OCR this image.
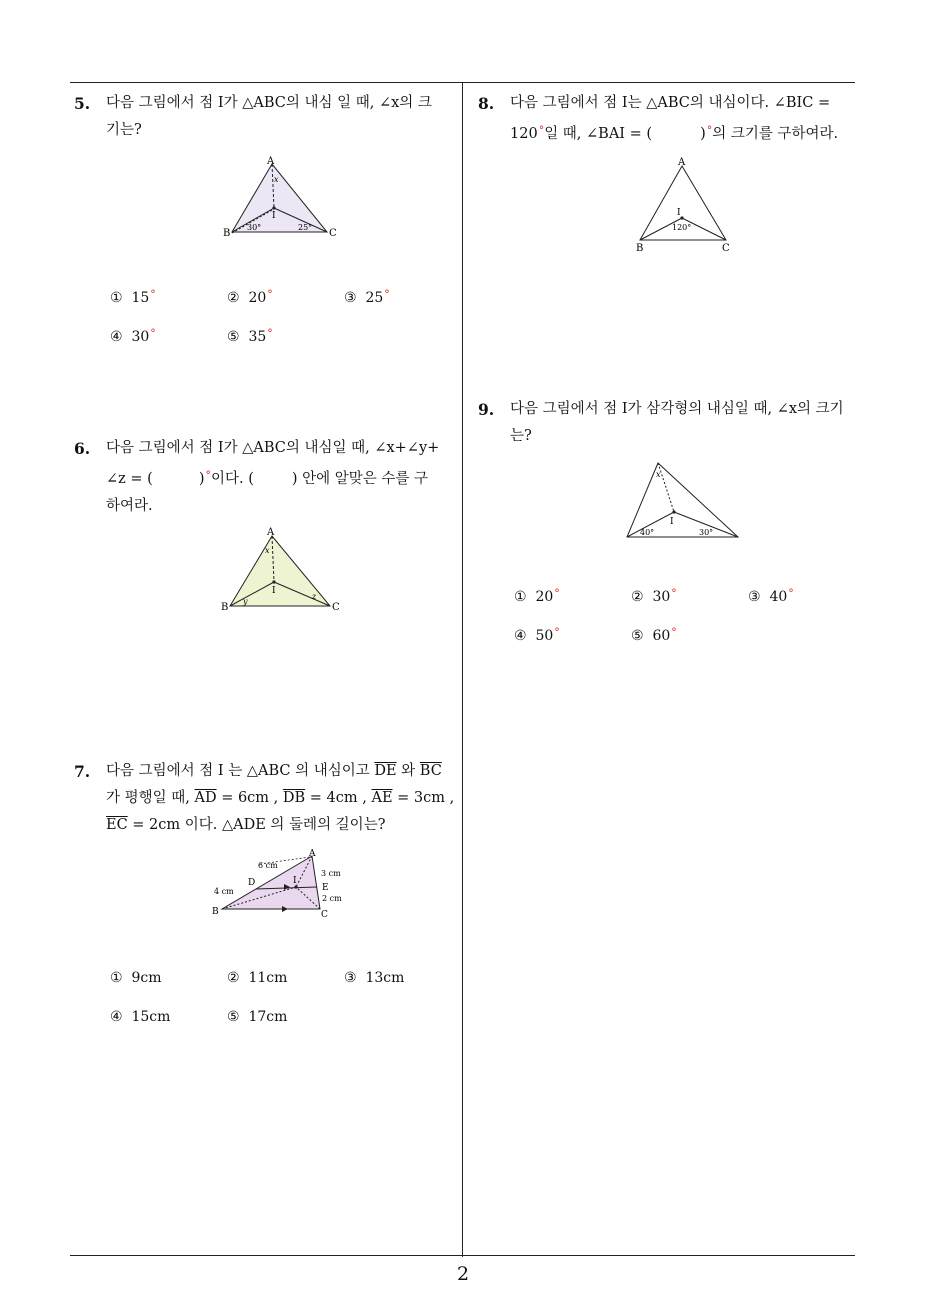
2
5. 다음 그림에서 점 I가 △ABC의 내심 일 때, ∠x의 크
기는?
A
B	C
I
x
30°	25°
① 15°	② 20°	③ 25°
④ 30°	⑤ 35°
6. 다음 그림에서 점 I가 △ABC의 내심일 때, ∠x+∠y+
∠z = (	)°이다. (	) 안에 알맞은 수를 구
하여라.
A
B	C
I
x
y
z
7. 다음 그림에서 점 I 는 △ABC 의 내심이고 $\overline{DE}$ 와 $\overline{BC}$
가 평행일 때, $\overline{AD} = 6cm$ , $\overline{DB} = 4cm$ , $\overline{AE} = 3cm$ ,
$\overline{EC} = 2cm$ 이다. △ADE 의 둘레의 길이는?
A
B	C
D	E
I
6 cm
4 cm
3 cm
2 cm
① 9cm	② 11cm	③ 13cm
④ 15cm	⑤ 17cm
8. 다음 그림에서 점 I는 △ABC의 내심이다. ∠BIC =
120°일 때, ∠BAI = (	)°의 크기를 구하여라.
A
B	C
I
120°
9. 다음 그림에서 점 I가 삼각형의 내심일 때, ∠x의 크기
는?
I
x
40°	30°
① 20°	② 30°	③ 40°
④ 50°	⑤ 60°
